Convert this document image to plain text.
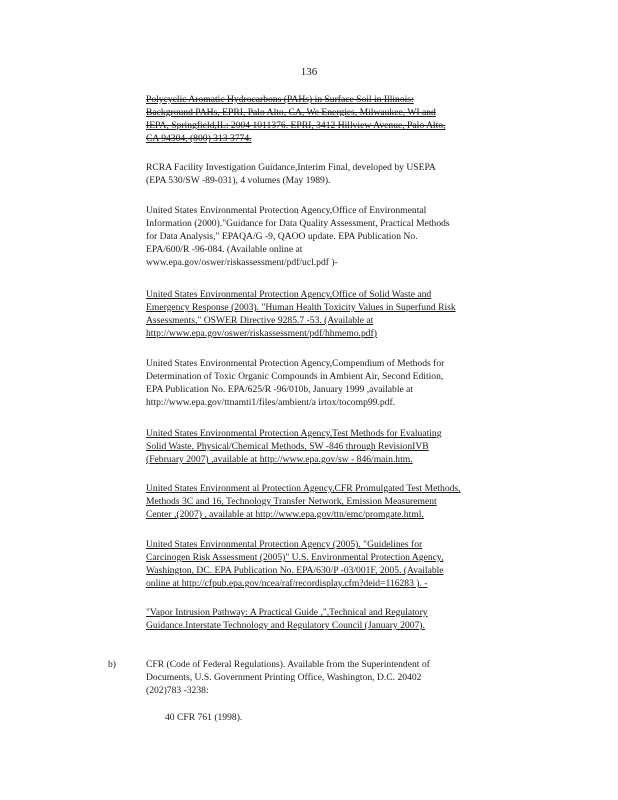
136
Polycyclic Aromatic Hydrocarbons (PAHs) in Surface Soil in Illinois:
Background PAHs, EPRI, Palo Alto, CA, We Energies, Milwaukee, WI and
IEPA, Springfield,IL: 2004 1011376. EPRI, 3412 Hillview Avenue, Palo Alto,
CA 94304, (800) 313 3774.
RCRA Facility Investigation Guidance,Interim Final, developed by USEPA
(EPA 530/SW -89-031), 4 volumes (May 1989).
United States Environmental Protection Agency,Office of Environmental
Information (2000)."Guidance for Data Quality Assessment, Practical Methods
for Data Analysis," EPAQA/G -9, QAOO update. EPA Publication No.
EPA/600/R -96-084. (Available online at
www.epa.gov/oswer/riskassessment/pdf/ucl.pdf )-
United States Environmental Protection Agency,Office of Solid Waste and
Emergency Response (2003). "Human Health Toxicity Values in Superfund Risk
Assessments," OSWER Directive 9285.7 -53. (Available at
http://www.epa.gov/oswer/riskassessment/pdf/hhmemo.pdf)
United States Environmental Protection Agency,Compendium of Methods for
Determination of Toxic Organic Compounds in Ambient Air, Second Edition,
EPA Publication No. EPA/625/R -96/010b, January 1999 ,available at
http://www.epa.gov/ttnamti1/files/ambient/a irtox/tocomp99.pdf.
United States Environmental Protection Agency,Test Methods for Evaluating
Solid Waste, Physical/Chemical Methods, SW -846 through RevisionIVB
(February 2007) ,available at http://www.epa.gov/sw - 846/main.htm.
United States Environment al Protection Agency,CFR Promulgated Test Methods,
Methods 3C and 16, Technology Transfer Network, Emission Measurement
Center ,(2007) , available at http://www.epa.gov/ttn/emc/promgate.html.
United States Environmental Protection Agency (2005). "Guidelines for
Carcinogen Risk Assessment (2005)" U.S. Environmental Protection Agency,
Washington, DC. EPA Publication No. EPA/630/P -03/001F, 2005. (Available
online at http://cfpub.epa.gov/ncea/raf/recordisplay.cfm?deid=116283 ). -
"Vapor Intrusion Pathway: A Practical Guide ,",Technical and Regulatory
Guidance.Interstate Technology and Regulatory Council (January 2007).
b)	CFR (Code of Federal Regulations). Available from the Superintendent of
Documents, U.S. Government Printing Office, Washington, D.C. 20402
(202)783 -3238:
40 CFR 761 (1998).
